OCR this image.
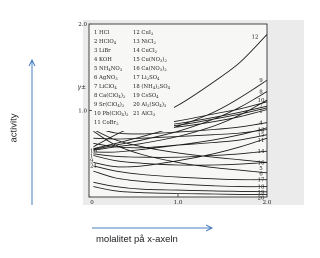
0	1.0	2.0
1.0
2.0
γ±
12
9
8
10
7
1
4
13
15
11
14
16
5
6
17
18
19
20
10
1
9
21
1 HCl
2 HClO$_4$
3 LiBr
4 KOH
5 $NH_4NO_3$
6 AgNO$_3$
7 LiClO$_4$
8 $Ca(ClO_4)_2$
9 $Sr(ClO_4)_2$
10 $Pb(ClO_4)_2$
11 CoBr$_2$
12 CuI$_2$
13 NiCl$_2$
14 CuCl$_2$
15 $Cu(NO_3)_2$
16 $Ca(NO_3)_2$
17 $Li_2SO_4$
18 $(NH_4)_2SO_4$
19 CsSO$_4$
20 $Al_2(SO_4)_3$
21 AlCl$_3$
activity
molalitet på x-axeln
